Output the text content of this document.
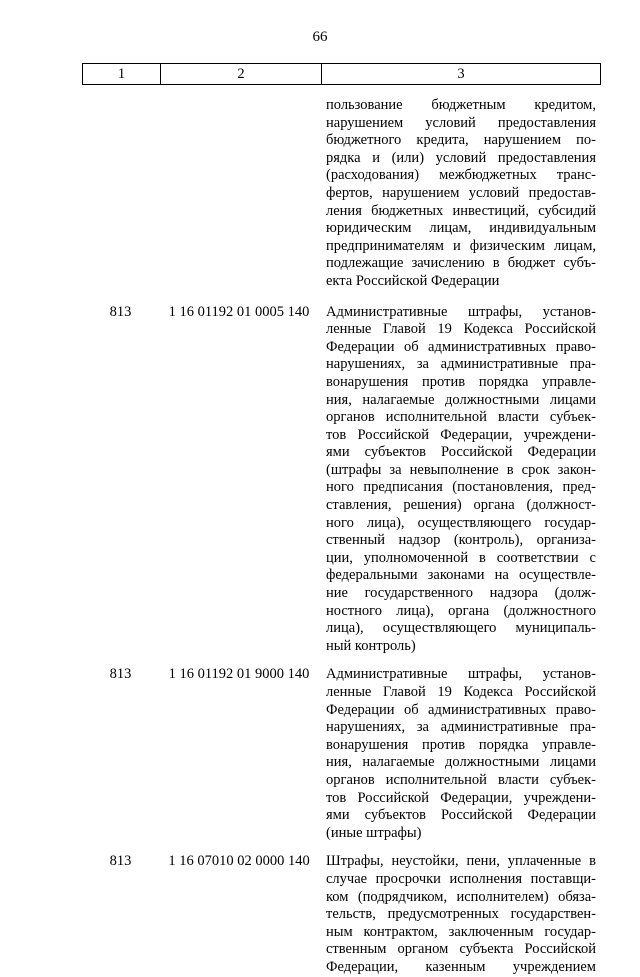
66
1	2	3
пользование бюджетным кредитом,
нарушением условий предоставления
бюджетного кредита, нарушением по-
рядка и (или) условий предоставления
(расходования) межбюджетных транс-
фертов, нарушением условий предостав-
ления бюджетных инвестиций, субсидий
юридическим лицам, индивидуальным
предпринимателям и физическим лицам,
подлежащие зачислению в бюджет субъ-
екта Российской Федерации
813	1 16 01192 01 0005 140	Административные штрафы, установ-
ленные Главой 19 Кодекса Российской
Федерации об административных право-
нарушениях, за административные пра-
вонарушения против порядка управле-
ния, налагаемые должностными лицами
органов исполнительной власти субъек-
тов Российской Федерации, учреждени-
ями субъектов Российской Федерации
(штрафы за невыполнение в срок закон-
ного предписания (постановления, пред-
ставления, решения) органа (должност-
ного лица), осуществляющего государ-
ственный надзор (контроль), организа-
ции, уполномоченной в соответствии с
федеральными законами на осуществле-
ние государственного надзора (долж-
ностного лица), органа (должностного
лица), осуществляющего муниципаль-
ный контроль)
813	1 16 01192 01 9000 140	Административные штрафы, установ-
ленные Главой 19 Кодекса Российской
Федерации об административных право-
нарушениях, за административные пра-
вонарушения против порядка управле-
ния, налагаемые должностными лицами
органов исполнительной власти субъек-
тов Российской Федерации, учреждени-
ями субъектов Российской Федерации
(иные штрафы)
813	1 16 07010 02 0000 140	Штрафы, неустойки, пени, уплаченные в
случае просрочки исполнения поставщи-
ком (подрядчиком, исполнителем) обяза-
тельств, предусмотренных государствен-
ным контрактом, заключенным государ-
ственным органом субъекта Российской
Федерации, казенным учреждением
